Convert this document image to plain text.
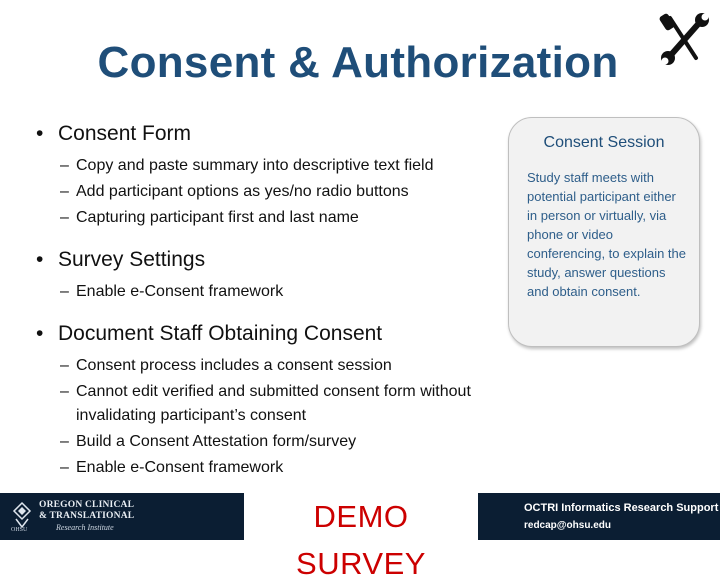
Consent & Authorization
• Consent Form
– Copy and paste summary into descriptive text field
– Add participant options as yes/no radio buttons
– Capturing participant first and last name
• Survey Settings
– Enable e-Consent framework
• Document Staff Obtaining Consent
– Consent process includes a consent session
– Cannot edit verified and submitted consent form without invalidating participant’s consent
– Build a Consent Attestation form/survey
– Enable e-Consent framework
Consent Session
Study staff meets with potential participant either in person or virtually, via phone or video conferencing, to explain the study, answer questions and obtain consent.
OHSU
OREGON CLINICAL
& TRANSLATIONAL
Research Institute	DEMO SURVEY
OCTRI Informatics Research Support
redcap@ohsu.edu
